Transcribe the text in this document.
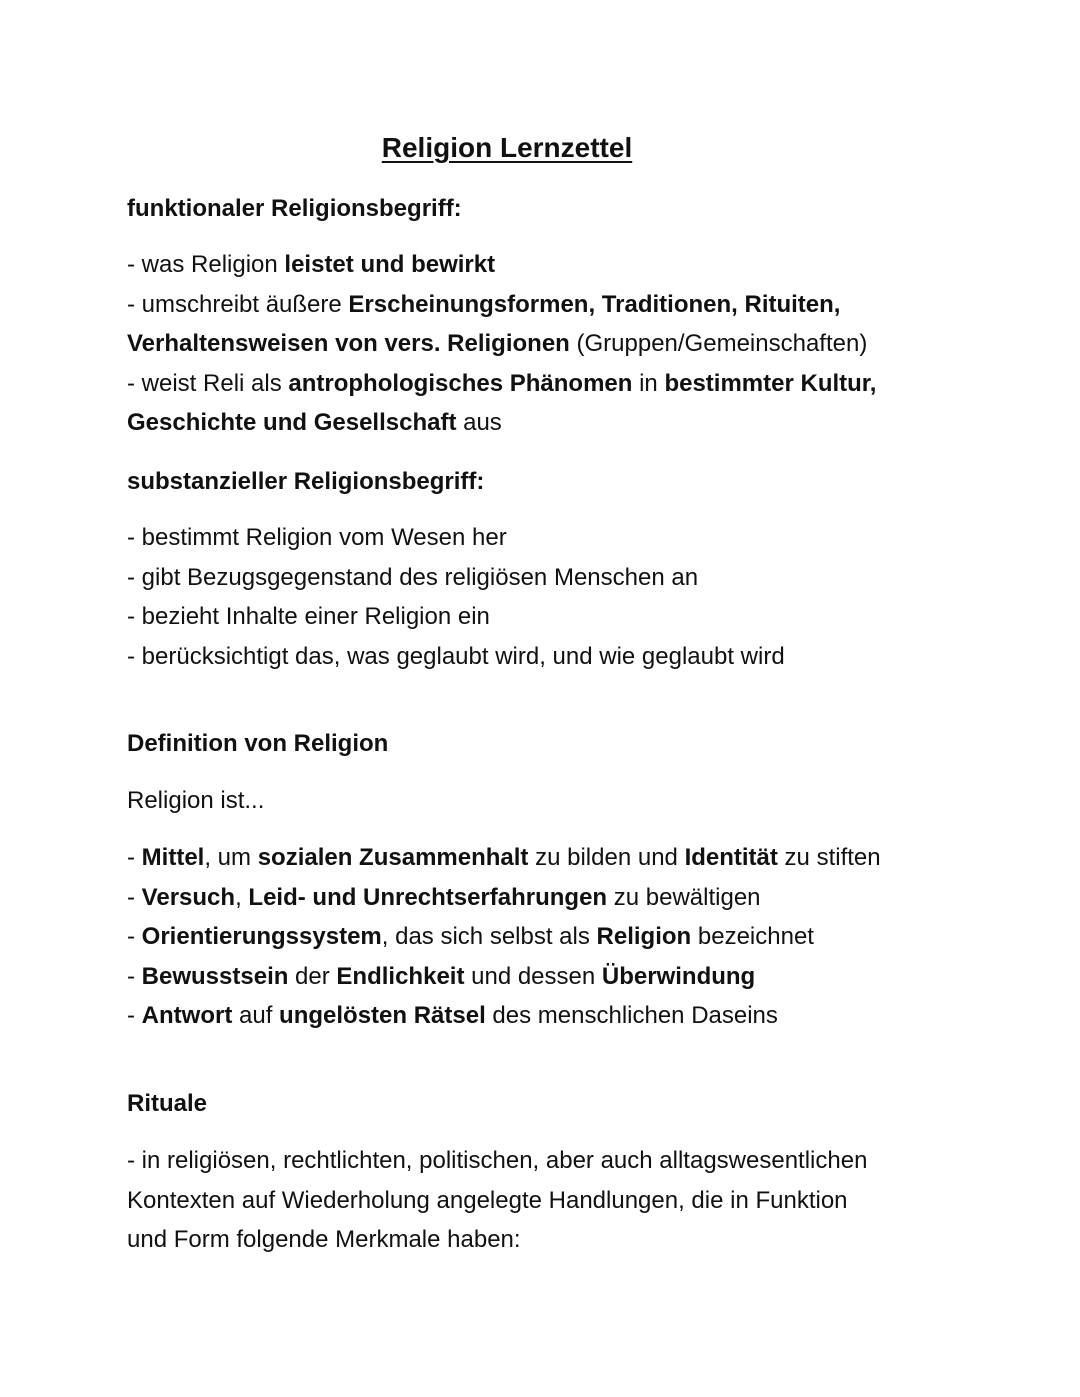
Religion Lernzettel
funktionaler Religionsbegriff:
- was Religion leistet und bewirkt
- umschreibt äußere Erscheinungsformen, Traditionen, Rituiten,
Verhaltensweisen von vers. Religionen (Gruppen/Gemeinschaften)
- weist Reli als antrophologisches Phänomen in bestimmter Kultur,
Geschichte und Gesellschaft aus
substanzieller Religionsbegriff:
- bestimmt Religion vom Wesen her
- gibt Bezugsgegenstand des religiösen Menschen an
- bezieht Inhalte einer Religion ein
- berücksichtigt das, was geglaubt wird, und wie geglaubt wird
Definition von Religion
Religion ist...
- Mittel, um sozialen Zusammenhalt zu bilden und Identität zu stiften
- Versuch, Leid- und Unrechtserfahrungen zu bewältigen
- Orientierungssystem, das sich selbst als Religion bezeichnet
- Bewusstsein der Endlichkeit und dessen Überwindung
- Antwort auf ungelösten Rätsel des menschlichen Daseins
Rituale
- in religiösen, rechtlichten, politischen, aber auch alltagswesentlichen
Kontexten auf Wiederholung angelegte Handlungen, die in Funktion
und Form folgende Merkmale haben:
